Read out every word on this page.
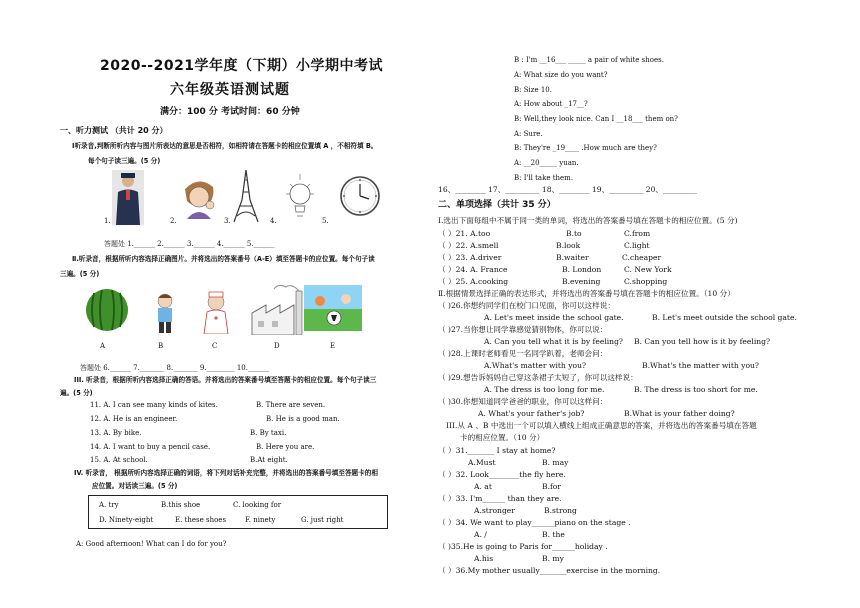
2020--2021学年度（下期）小学期中考试
六年级英语测试题
满分：100 分 考试时间：60 分钟
一、听力测试 （共计 20 分）
Ⅰ听录音,判断所听内容与图片所表达的意思是否相符，如相符请在答题卡的相应位置填 A ，不相符填 B。
每个句子读三遍。(5 分)
1.	2.	3.	4.	5.
答题处 1.______ 2.______ 3.______ 4.______ 5.______
Ⅱ.听录音，根据所听内容选择正确图片。并将选出的答案番号（A-E）填至答题卡的应位置。每个句子读
三遍。(5 分)
A	B	C	D	E
答题处 6.______ 7._______ 8._______ 9.________ 10.______
III. 听录音，根据所听内容选择正确的答语。并将选出的答案番号填至答题卡的相应位置。每个句子读三
遍。(5 分)
11. A. I can see many kinds of kites.	B. There are seven.
12. A. He is an engineer.	B. He is a good man.
13. A. By bike.	B. By taxi.
14. A. I want to buy a pencil case.	B. Here you are.
15. A. At school.	B.At eight.
IV. 听录音， 根据所听内容选择正确的词语，将下列对话补充完整，并将选出的答案番号填至答题卡的相
应位置。对话读三遍。(5 分)
A. try	B.this shoe	C. looking for
D. Ninety-eight	E. these shoes	F. ninety	G. just right
A: Good afternoon! What can I do for you?
B : I'm __16___ _____ a pair of white shoes.
A: What size do you want?
B: Size 10.
A: How about _17__?
B: Well,they look nice. Can I __18___ them on?
A: Sure.
B: They're _19____ .How much are they?
A: __20_____ yuan.
B: I'll take them.
16、________ 17、_________ 18、________ 19、_________ 20、_________
二、单项选择（共计 35 分）
Ⅰ.选出下面每组中不属于同一类的单词，将选出的答案番号填在答题卡的相应位置。(5 分)
（ ）21. A.too	B.to	C.from
（ ）22. A.smell	B.look	C.light
（ ）23. A.driver	B.waiter	C.cheaper
（ ）24. A. France	B. London	C. New York
（ ）25. A.cooking	B.evening	C.shopping
Ⅱ.根据情景选择正确的表达形式，并将选出的答案番号填在答题卡的相应位置。（10 分）
（ )26.你想约同学们在校门口见面，你可以这样说：
A. Let's meet inside the school gate.	B. Let's meet outside the school gate.
（ )27.当你想让同学靠感觉猜别物体，你可以说：
A. Can you tell what it is by feeling? B. Can you tell how is it by feeling?
（ )28.上课时老师看见一名同学趴着，老师会问：
A.What's matter with you?	B.What's the matter with you?
（ )29.想告诉妈妈自己穿这条裙子太短了，你可以这样说：
A. The dress is too long for me.	B. The dress is too short for me.
（ )30.你想知道同学爸爸的职业，你可以这样问：
A. What's your father's job?	B.What is your father doing?
III.从 A 、B 中选出一个可以填入横线上组成正确意思的答案，并将选出的答案番号填在答题
卡的相应位置。（10 分）
（ ）31._______ I stay at home?
A.Must	B. may
（ ）32. Look________the fly here.
A. at	B.for
（ ）33. I'm______ than they are.
A.stronger	B.strong
（ ）34. We want to play______piano on the stage .
A. /	B. the
（ )35.He is going to Paris for______holiday .
A.his	B. my
（ ）36.My mother usually_______exercise in the morning.
